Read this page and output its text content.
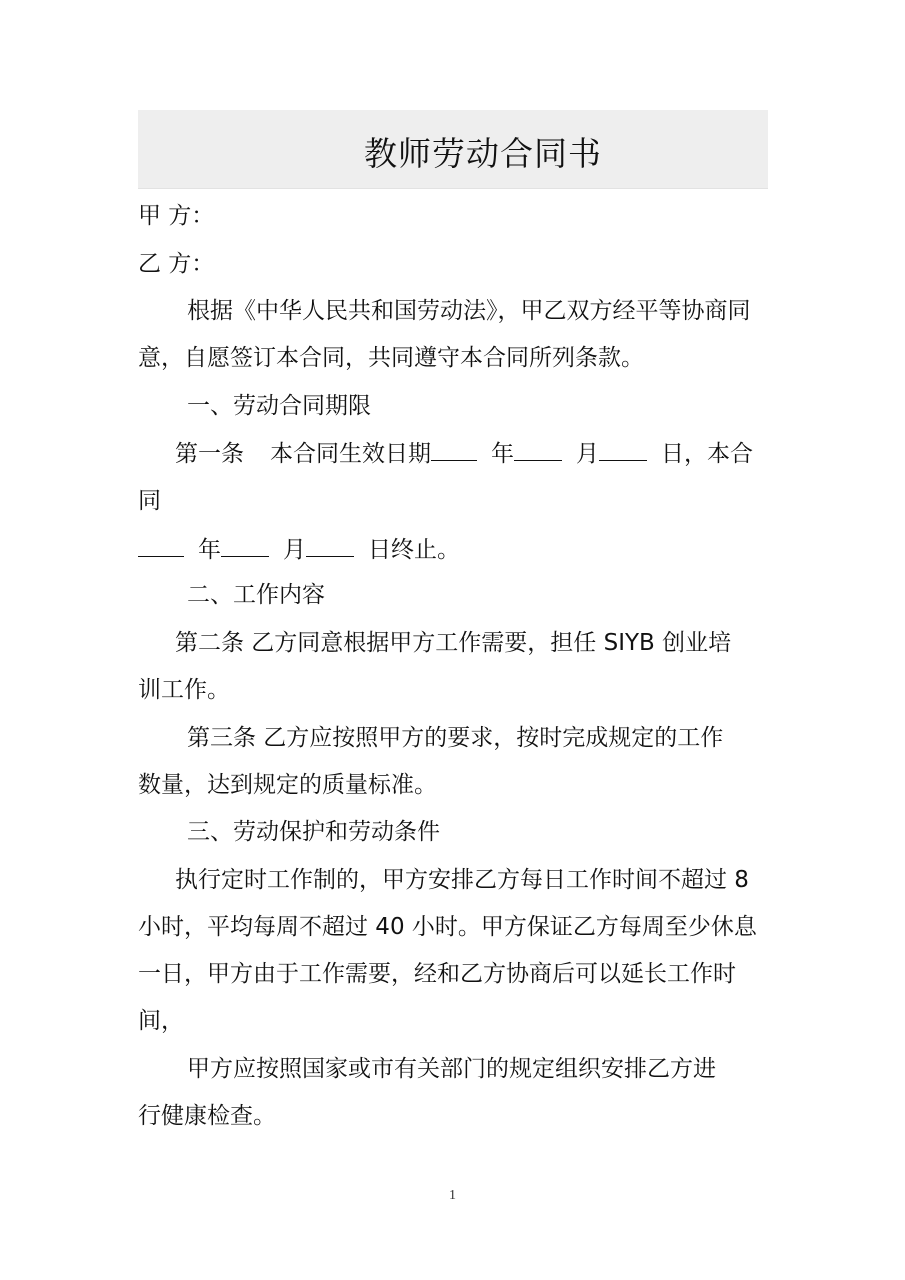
教师劳动合同书
甲 方：
乙 方：
根据《中华人民共和国劳动法》，甲乙双方经平等协商同
意，自愿签订本合同，共同遵守本合同所列条款。
一、劳动合同期限
第一条 本合同生效日期	年	月	日，本合
同
年	月	日终止。
二、工作内容
第二条 乙方同意根据甲方工作需要，担任 SIYB 创业培
训工作。
第三条 乙方应按照甲方的要求，按时完成规定的工作
数量，达到规定的质量标准。
三、劳动保护和劳动条件
执行定时工作制的，甲方安排乙方每日工作时间不超过 8
小时，平均每周不超过 40 小时。甲方保证乙方每周至少休息
一日，甲方由于工作需要，经和乙方协商后可以延长工作时
间，
甲方应按照国家或市有关部门的规定组织安排乙方进
行健康检查。
1
